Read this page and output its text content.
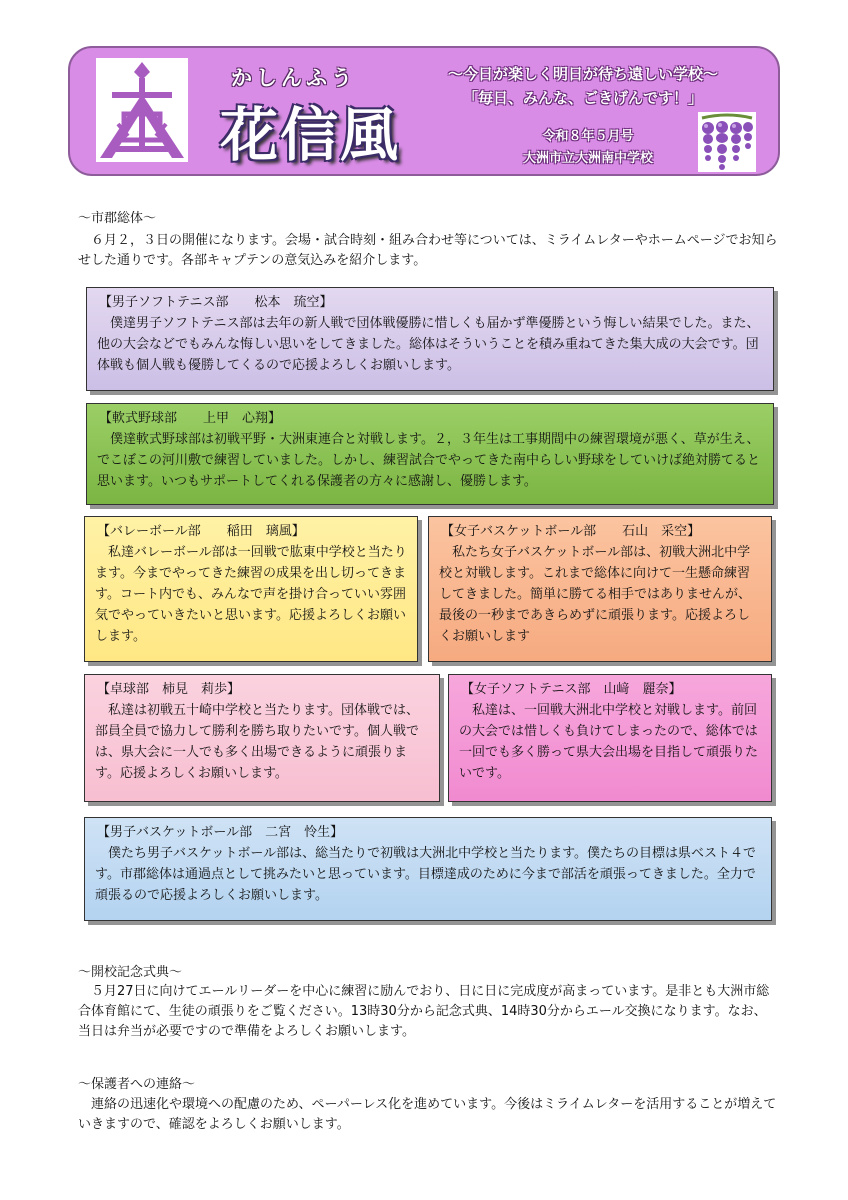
かしんふう
花信風
～今日が楽しく明日が待ち遠しい学校～
「毎日、みんな、ごきげんです！」
令和８年５月号
大洲市立大洲南中学校
～市郡総体～

６月２，３日の開催になります。会場・試合時刻・組み合わせ等については、ミライムレターやホームページでお知らせした通りです。各部キャプテンの意気込みを紹介します。

【男子ソフトテニス部　　松本　琉空】
僕達男子ソフトテニス部は去年の新人戦で団体戦優勝に惜しくも届かず準優勝という悔しい結果でした。また、他の大会などでもみんな悔しい思いをしてきました。総体はそういうことを積み重ねてきた集大成の大会です。団体戦も個人戦も優勝してくるので応援よろしくお願いします。
【軟式野球部　　上甲　心翔】
僕達軟式野球部は初戦平野・大洲東連合と対戦します。２，３年生は工事期間中の練習環境が悪く、草が生え、でこぼこの河川敷で練習していました。しかし、練習試合でやってきた南中らしい野球をしていけば絶対勝てると思います。いつもサポートしてくれる保護者の方々に感謝し、優勝します。
【バレーボール部　　稲田　璃風】
私達バレーボール部は一回戦で肱東中学校と当たります。今までやってきた練習の成果を出し切ってきます。コート内でも、みんなで声を掛け合っていい雰囲気でやっていきたいと思います。応援よろしくお願いします。
【女子バスケットボール部　　石山　采空】
私たち女子バスケットボール部は、初戦大洲北中学校と対戦します。これまで総体に向けて一生懸命練習してきました。簡単に勝てる相手ではありませんが、最後の一秒まであきらめずに頑張ります。応援よろしくお願いします
【卓球部　柿見　莉歩】
私達は初戦五十崎中学校と当たります。団体戦では、部員全員で協力して勝利を勝ち取りたいです。個人戦では、県大会に一人でも多く出場できるように頑張ります。応援よろしくお願いします。
【女子ソフトテニス部　山﨑　麗奈】
私達は、一回戦大洲北中学校と対戦します。前回の大会では惜しくも負けてしまったので、総体では一回でも多く勝って県大会出場を目指して頑張りたいです。
【男子バスケットボール部　二宮　怜生】
僕たち男子バスケットボール部は、総当たりで初戦は大洲北中学校と当たります。僕たちの目標は県ベスト４です。市郡総体は通過点として挑みたいと思っています。目標達成のために今まで部活を頑張ってきました。全力で頑張るので応援よろしくお願いします。
～開校記念式典～

５月27日に向けてエールリーダーを中心に練習に励んでおり、日に日に完成度が高まっています。是非とも大洲市総合体育館にて、生徒の頑張りをご覧ください。13時30分から記念式典、14時30分からエール交換になります。なお、当日は弁当が必要ですので準備をよろしくお願いします。

～保護者への連絡～

連絡の迅速化や環境への配慮のため、ペーパーレス化を進めています。今後はミライムレターを活用することが増えていきますので、確認をよろしくお願いします。
